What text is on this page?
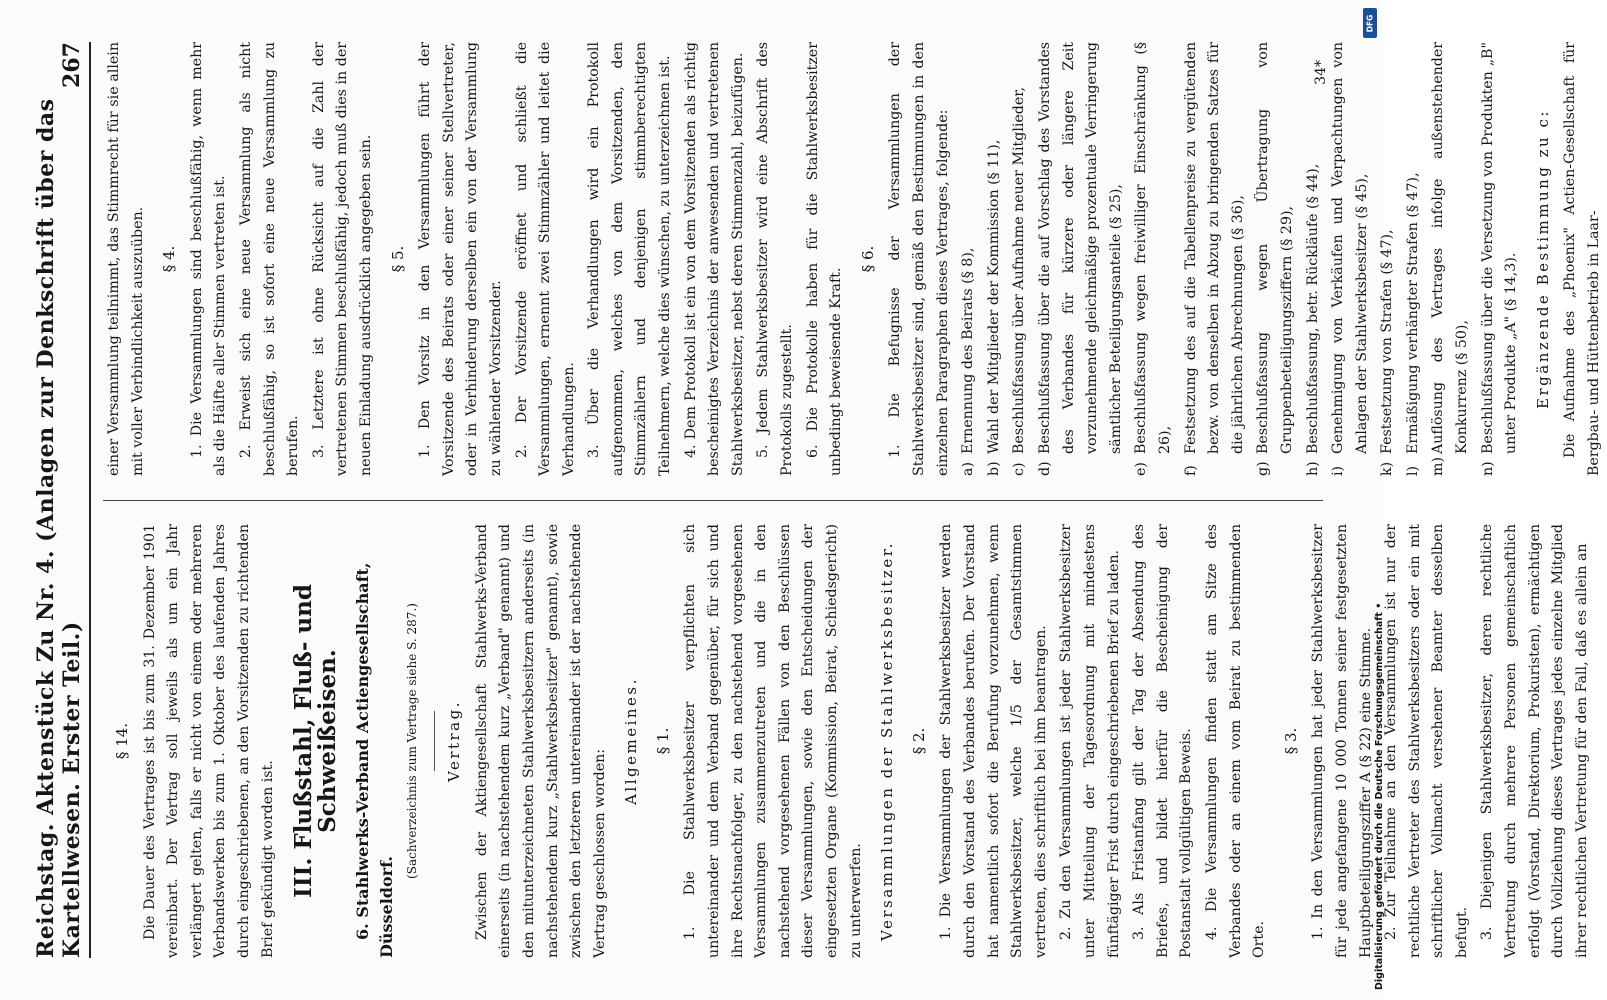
Reichstag. Aktenstück Zu Nr. 4. (Anlagen zur Denkschrift über das Kartellwesen. Erster Teil.)
267
§ 14. Die Dauer des Vertrages ist bis zum 31. Dezember 1901 vereinbart. Der Vertrag soll jeweils als um ein Jahr verlängert gelten, falls er nicht von einem oder mehreren Verbandswerken bis zum 1. Oktober des laufenden Jahres durch eingeschriebenen, an den Vorsitzenden zu richtenden Brief gekündigt worden ist. III. Flußstahl, Fluß- und Schweißeisen. 6. Stahlwerks-Verband Actiengesellschaft, Düsseldorf.

(Sachverzeichnis zum Vertrage siehe S. 287.)	Vertrag. Zwischen der Aktiengesellschaft Stahlwerks-Verband einerseits (in nachstehendem kurz „Verband" genannt) und den mitunterzeichneten Stahlwerksbesitzern anderseits (in nachstehendem kurz „Stahlwerksbesitzer" genannt), sowie zwischen den letzteren untereinander ist der nachstehende Vertrag geschlossen worden:

Allgemeines. § 1. 1. Die Stahlwerksbesitzer verpflichten sich untereinander und dem Verband gegenüber, für sich und ihre Rechtsnachfolger, zu den nachstehend vorgesehenen Versammlungen zusammenzutreten und die in den nachstehend vorgesehenen Fällen von den Beschlüssen dieser Versammlungen, sowie den Entscheidungen der eingesetzten Organe (Kommission, Beirat, Schiedsgericht) zu unterwerfen. Versammlungen der Stahlwerksbesitzer. § 2. 1. Die Versammlungen der Stahlwerksbesitzer werden durch den Vorstand des Verbandes berufen. Der Vorstand hat namentlich sofort die Berufung vorzunehmen, wenn Stahlwerksbesitzer, welche 1/5 der Gesamtstimmen vertreten, dies schriftlich bei ihm beantragen. 2. Zu den Versammlungen ist jeder Stahlwerksbesitzer unter Mitteilung der Tagesordnung mit mindestens fünftägiger Frist durch eingeschriebenen Brief zu laden. 3. Als Fristanfang gilt der Tag der Absendung des Briefes, und bildet hierfür die Bescheinigung der Postanstalt vollgültigen Beweis. 4. Die Versammlungen finden statt am Sitze des Verbandes oder an einem vom Beirat zu bestimmenden Orte.

§ 3. 1. In den Versammlungen hat jeder Stahlwerksbesitzer für jede angefangene 10 000 Tonnen seiner festgesetzten Hauptbeteiligungsziffer A (§ 22) eine Stimme. 2. Zur Teilnahme an den Versammlungen ist nur der rechtliche Vertreter des Stahlwerksbesitzers oder ein mit schriftlicher Vollmacht versehener Beamter desselben befugt. 3. Diejenigen Stahlwerksbesitzer, deren rechtliche Vertretung durch mehrere Personen gemeinschaftlich erfolgt (Vorstand, Direktorium, Prokuristen), ermächtigen durch Vollziehung dieses Vertrages jedes einzelne Mitglied ihrer rechtlichen Vertretung für den Fall, daß es allein an

einer Versammlung teilnimmt, das Stimmrecht für sie allein mit voller Verbindlichkeit auszuüben. § 4. 1. Die Versammlungen sind beschlußfähig, wenn mehr als die Hälfte aller Stimmen vertreten ist. 2. Erweist sich eine neue Versammlung als nicht beschlußfähig, so ist sofort eine neue Versammlung zu berufen. 3. Letztere ist ohne Rücksicht auf die Zahl der vertretenen Stimmen beschlußfähig, jedoch muß dies in der neuen Einladung ausdrücklich angegeben sein. § 5. 1. Den Vorsitz in den Versammlungen führt der Vorsitzende des Beirats oder einer seiner Stellvertreter, oder in Verhinderung derselben ein von der Versammlung zu wählender Vorsitzender. 2. Der Vorsitzende eröffnet und schließt die Versammlungen, ernennt zwei Stimmzähler und leitet die Verhandlungen. 3. Über die Verhandlungen wird ein Protokoll aufgenommen, welches von dem Vorsitzenden, den Stimmzählern und denjenigen stimmberechtigten Teilnehmern, welche dies wünschen, zu unterzeichnen ist. 4. Dem Protokoll ist ein von dem Vorsitzenden als richtig bescheinigtes Verzeichnis der anwesenden und vertretenen Stahlwerksbesitzer, nebst deren Stimmenzahl, beizufügen. 5. Jedem Stahlwerksbesitzer wird eine Abschrift des Protokolls zugestellt. 6. Die Protokolle haben für die Stahlwerksbesitzer unbedingt beweisende Kraft.

§ 6. 1. Die Befugnisse der Versammlungen der Stahlwerksbesitzer sind, gemäß den Bestimmungen in den einzelnen Paragraphen dieses Vertrages, folgende: a)
Ernennung des Beirats (§ 8),

b)
Wahl der Mitglieder der Kommission (§ 11),

c)
Beschlußfassung über Aufnahme neuer Mitglieder,

d)
Beschlußfassung über die auf Vorschlag des Vorstandes des Verbandes für kürzere oder längere Zeit vorzunehmende gleichmäßige prozentuale Verringerung sämtlicher Beteiligungsanteile (§ 25),

e)
Beschlußfassung wegen freiwilliger Einschränkung (§ 26),

f)
Festsetzung des auf die Tabellenpreise zu vergütenden bezw. von denselben in Abzug zu bringenden Satzes für die jährlichen Abrechnungen (§ 36),

g)
Beschlußfassung wegen Übertragung von Gruppenbeteiligungsziffern (§ 29),

h)
Beschlußfassung, betr. Rückläufe (§ 44),

i)
Genehmigung von Verkäufen und Verpachtungen von Anlagen der Stahlwerksbesitzer (§ 45),

k)
Festsetzung von Strafen (§ 47),

l)
Ermäßigung verhängter Strafen (§ 47),

m)
Auflösung des Vertrages infolge außenstehender Konkurrenz (§ 50),

n)
Beschlußfassung über die Versetzung von Produkten „B" unter Produkte „A" (§ 14,3). Ergänzende Bestimmung zu c: Die Aufnahme des „Phoenix" Actien-Gesellschaft für Bergbau- und Hüttenbetrieb in Laar-

34*
Digitalisierung gefördert durch die Deutsche Forschungsgemeinschaft •
DFG
